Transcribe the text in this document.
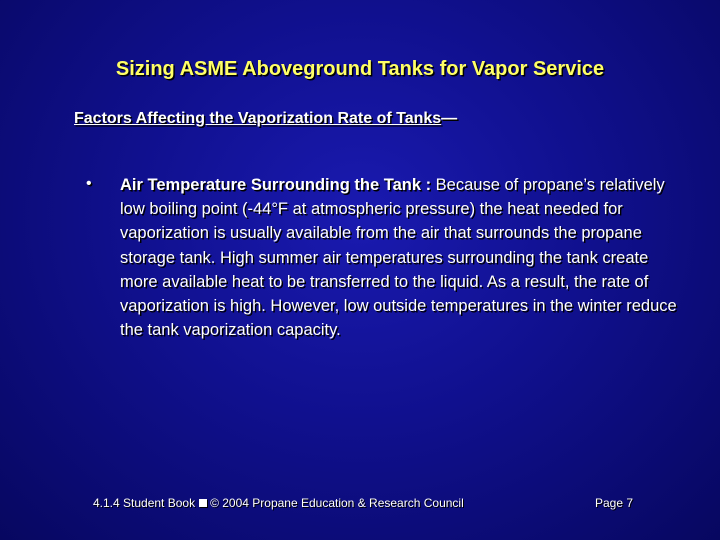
Sizing ASME Aboveground Tanks for Vapor Service
Factors Affecting the Vaporization Rate of Tanks—
• Air Temperature Surrounding the Tank : Because of propane’s relatively low boiling point (-44°F at atmospheric pressure) the heat needed for vaporization is usually available from the air that surrounds the propane storage tank. High summer air temperatures surrounding the tank create more available heat to be transferred to the liquid. As a result, the rate of vaporization is high. However, low outside temperatures in the winter reduce the tank vaporization capacity.
4.1.4 Student Book © 2004 Propane Education & Research Council	Page 7
